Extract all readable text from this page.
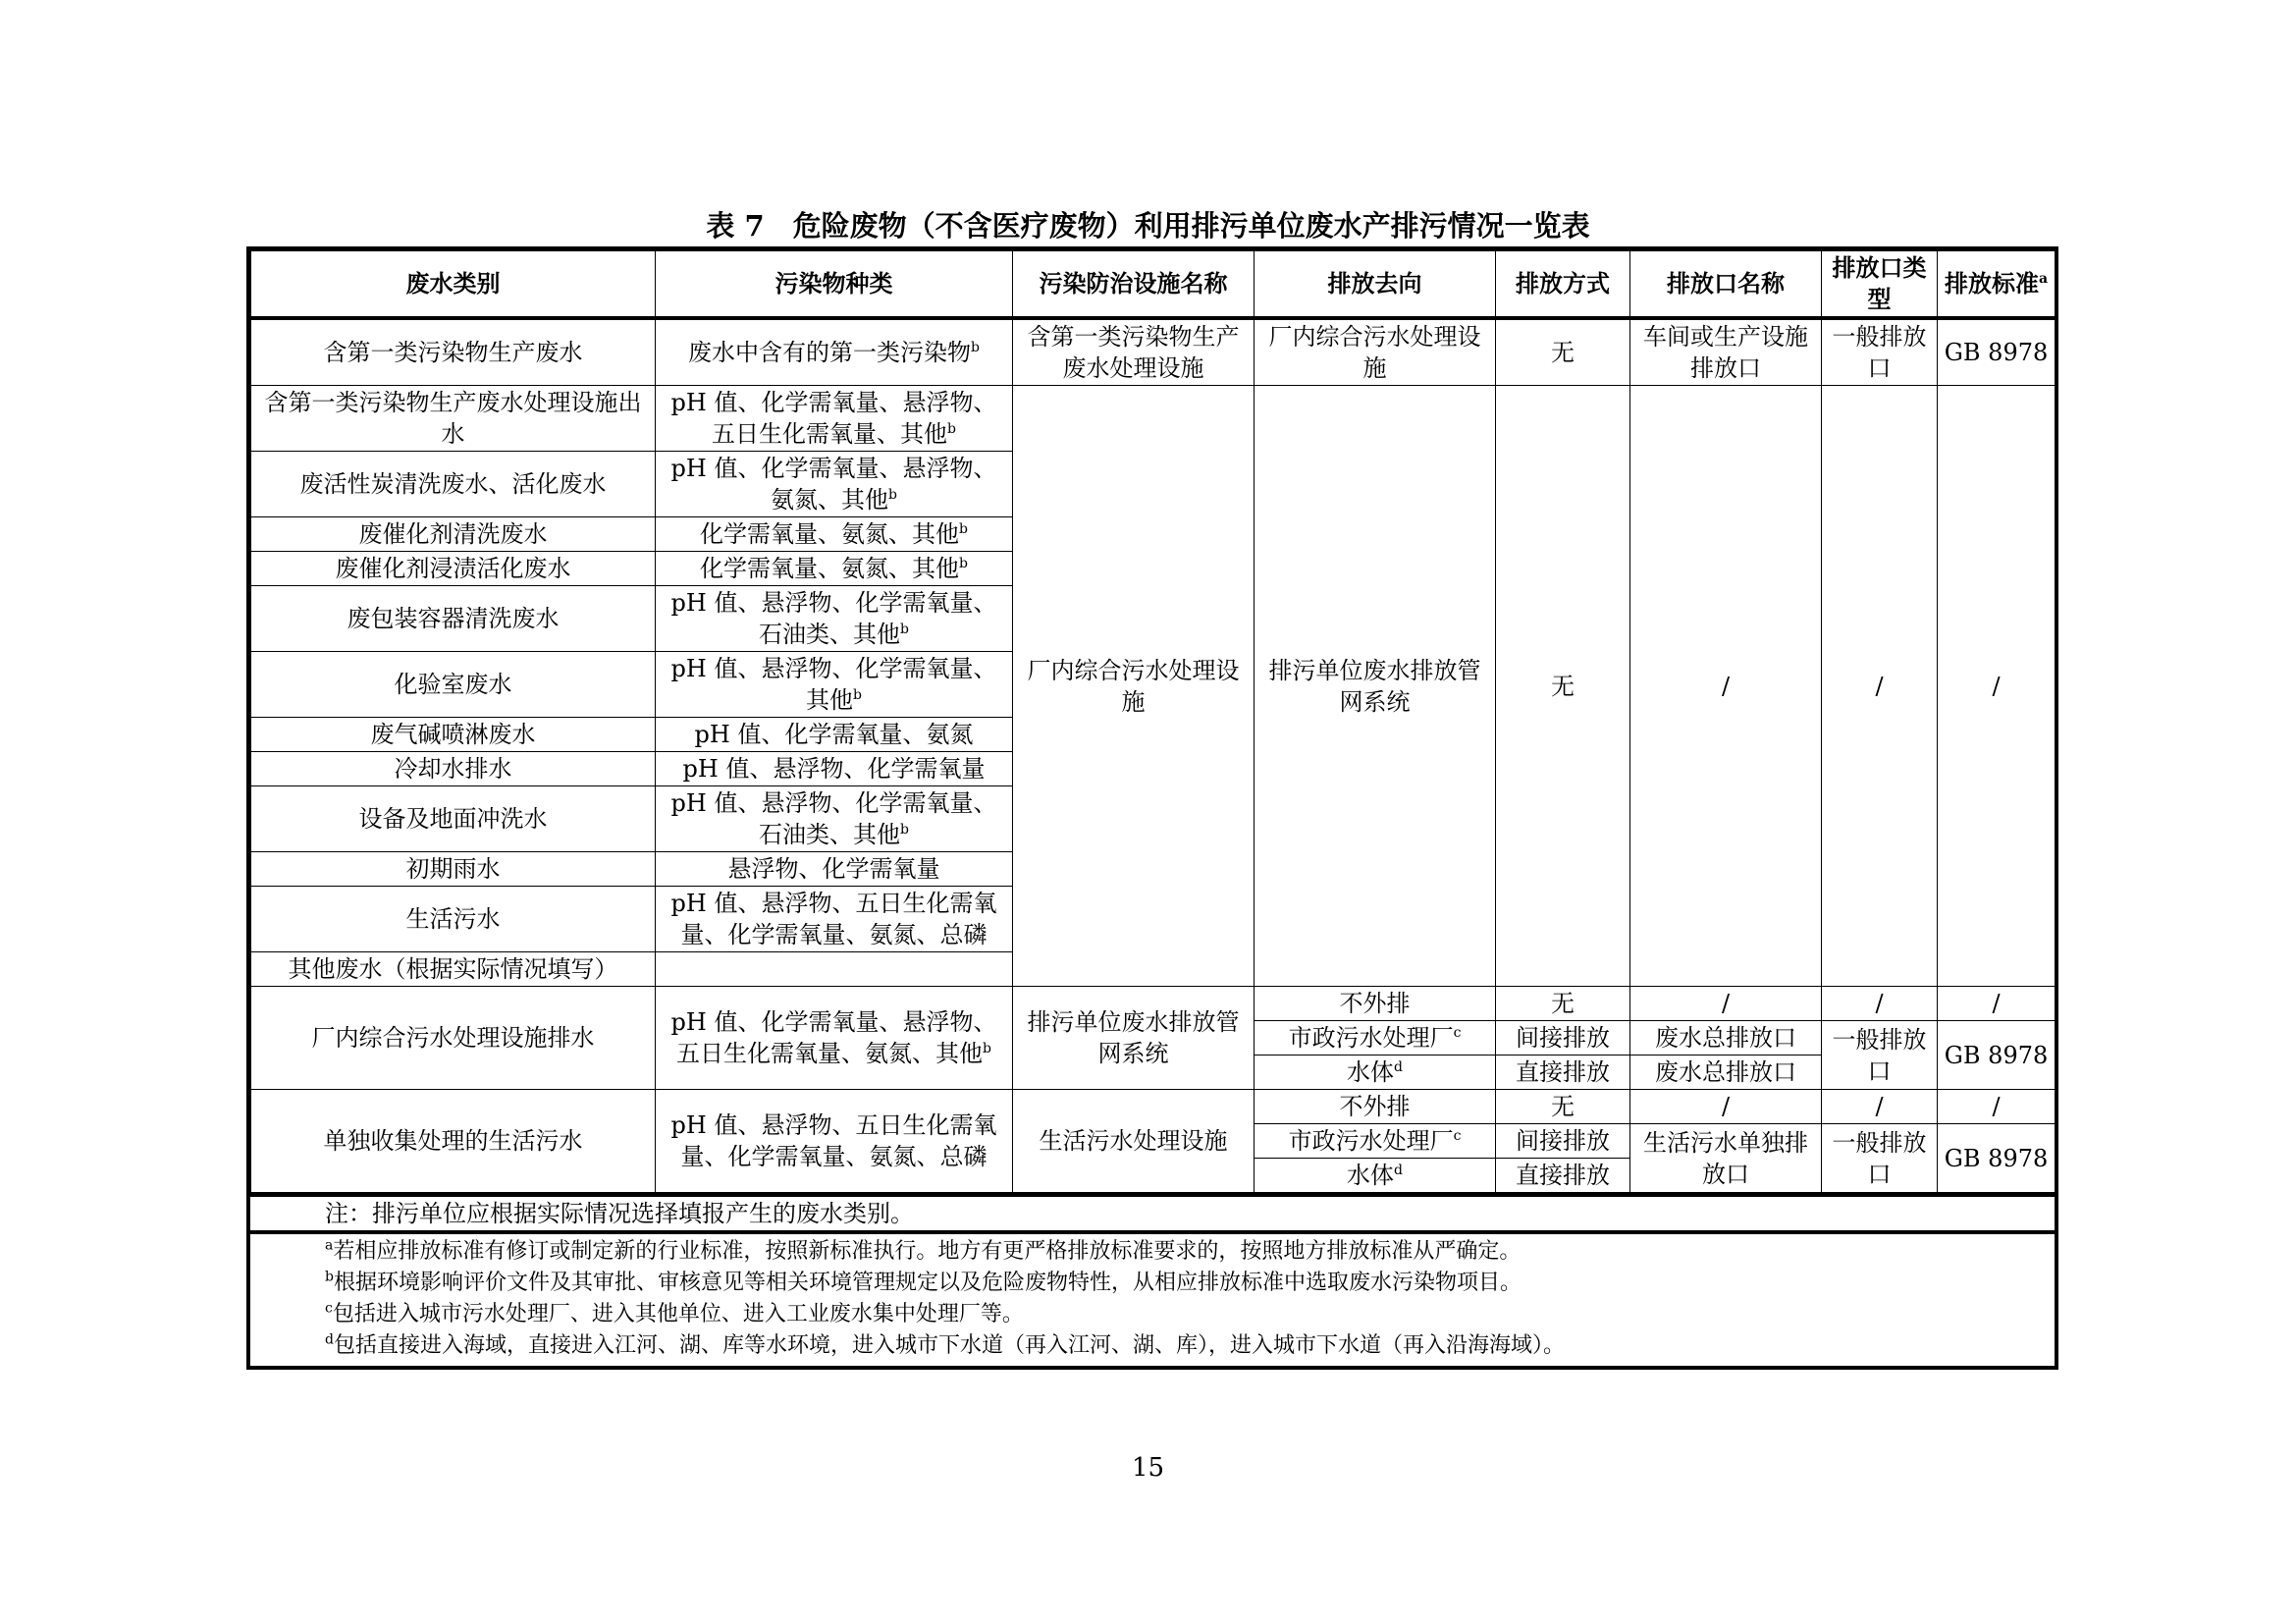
表 7　危险废物（不含医疗废物）利用排污单位废水产排污情况一览表
废水类别	污染物种类	污染防治设施名称	排放去向	排放方式	排放口名称	排放口类型	排放标准$^a$
含第一类污染物生产废水	废水中含有的第一类污染物$^b$	含第一类污染物生产废水处理设施	厂内综合污水处理设施	无	车间或生产设施排放口	一般排放口	GB 8978
含第一类污染物生产废水处理设施出水	pH 值、化学需氧量、悬浮物、五日生化需氧量、其他$^b$	厂内综合污水处理设施	排污单位废水排放管网系统	无	/	/	/
废活性炭清洗废水、活化废水	pH 值、化学需氧量、悬浮物、氨氮、其他$^b$
废催化剂清洗废水	化学需氧量、氨氮、其他$^b$
废催化剂浸渍活化废水	化学需氧量、氨氮、其他$^b$
废包装容器清洗废水	pH 值、悬浮物、化学需氧量、石油类、其他$^b$
化验室废水	pH 值、悬浮物、化学需氧量、其他$^b$
废气碱喷淋废水	pH 值、化学需氧量、氨氮						
冷却水排水	pH 值、悬浮物、化学需氧量						
设备及地面冲洗水	pH 值、悬浮物、化学需氧量、石油类、其他$^b$
初期雨水	悬浮物、化学需氧量						
生活污水	pH 值、悬浮物、五日生化需氧量、化学需氧量、氨氮、总磷						
其他废水（根据实际情况填写）							
厂内综合污水处理设施排水	pH 值、化学需氧量、悬浮物、五日生化需氧量、氨氮、其他$^b$	排污单位废水排放管网系统	不外排	无	/	/	/
			市政污水处理厂$^c$	间接排放	废水总排放口	一般排放口	GB 8978
			水体$^d$	直接排放	废水总排放口		
单独收集处理的生活污水	pH 值、悬浮物、五日生化需氧量、化学需氧量、氨氮、总磷	生活污水处理设施	不外排	无	/	/	/
			市政污水处理厂$^c$	间接排放	生活污水单独排放口	一般排放口	GB 8978
			水体$^d$	直接排放			
注：排污单位应根据实际情况选择填报产生的废水类别。
$^a$若相应排放标准有修订或制定新的行业标准，按照新标准执行。地方有更严格排放标准要求的，按照地方排放标准从严确定。
$^b$根据环境影响评价文件及其审批、审核意见等相关环境管理规定以及危险废物特性，从相应排放标准中选取废水污染物项目。
$^c$包括进入城市污水处理厂、进入其他单位、进入工业废水集中处理厂等。
$^d$包括直接进入海域，直接进入江河、湖、库等水环境，进入城市下水道（再入江河、湖、库），进入城市下水道（再入沿海海域）。
15
